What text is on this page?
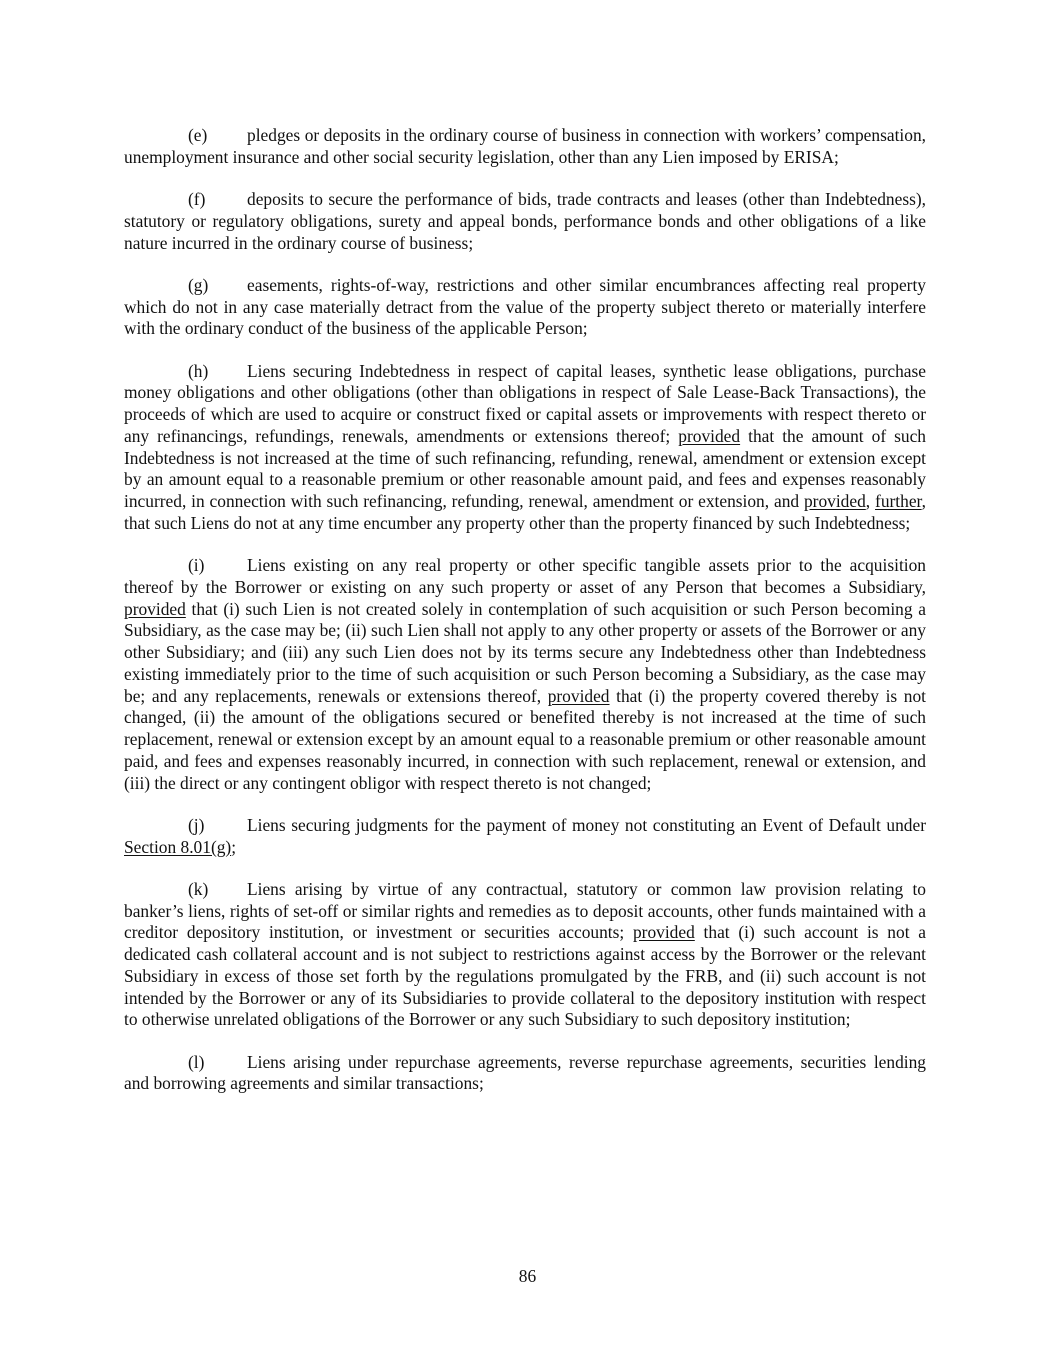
(e) pledges or deposits in the ordinary course of business in connection with workers’ compensation, unemployment insurance and other social security legislation, other than any Lien imposed by ERISA;

(f) deposits to secure the performance of bids, trade contracts and leases (other than Indebtedness), statutory or regulatory obligations, surety and appeal bonds, performance bonds and other obligations of a like nature incurred in the ordinary course of business;

(g) easements, rights-of-way, restrictions and other similar encumbrances affecting real property which do not in any case materially detract from the value of the property subject thereto or materially interfere with the ordinary conduct of the business of the applicable Person;

(h) Liens securing Indebtedness in respect of capital leases, synthetic lease obligations, purchase money obligations and other obligations (other than obligations in respect of Sale Lease-Back Transactions), the proceeds of which are used to acquire or construct fixed or capital assets or improvements with respect thereto or any refinancings, refundings, renewals, amendments or extensions thereof; provided that the amount of such Indebtedness is not increased at the time of such refinancing, refunding, renewal, amendment or extension except by an amount equal to a reasonable premium or other reasonable amount paid, and fees and expenses reasonably incurred, in connection with such refinancing, refunding, renewal, amendment or extension, and provided, further, that such Liens do not at any time encumber any property other than the property financed by such Indebtedness;

(i) Liens existing on any real property or other specific tangible assets prior to the acquisition thereof by the Borrower or existing on any such property or asset of any Person that becomes a Subsidiary, provided that (i) such Lien is not created solely in contemplation of such acquisition or such Person becoming a Subsidiary, as the case may be; (ii) such Lien shall not apply to any other property or assets of the Borrower or any other Subsidiary; and (iii) any such Lien does not by its terms secure any Indebtedness other than Indebtedness existing immediately prior to the time of such acquisition or such Person becoming a Subsidiary, as the case may be; and any replacements, renewals or extensions thereof, provided that (i) the property covered thereby is not changed, (ii) the amount of the obligations secured or benefited thereby is not increased at the time of such replacement, renewal or extension except by an amount equal to a reasonable premium or other reasonable amount paid, and fees and expenses reasonably incurred, in connection with such replacement, renewal or extension, and (iii) the direct or any contingent obligor with respect thereto is not changed;

(j) Liens securing judgments for the payment of money not constituting an Event of Default under Section 8.01(g);

(k) Liens arising by virtue of any contractual, statutory or common law provision relating to banker’s liens, rights of set-off or similar rights and remedies as to deposit accounts, other funds maintained with a creditor depository institution, or investment or securities accounts; provided that (i) such account is not a dedicated cash collateral account and is not subject to restrictions against access by the Borrower or the relevant Subsidiary in excess of those set forth by the regulations promulgated by the FRB, and (ii) such account is not intended by the Borrower or any of its Subsidiaries to provide collateral to the depository institution with respect to otherwise unrelated obligations of the Borrower or any such Subsidiary to such depository institution;

(l) Liens arising under repurchase agreements, reverse repurchase agreements, securities lending and borrowing agreements and similar transactions;

86
